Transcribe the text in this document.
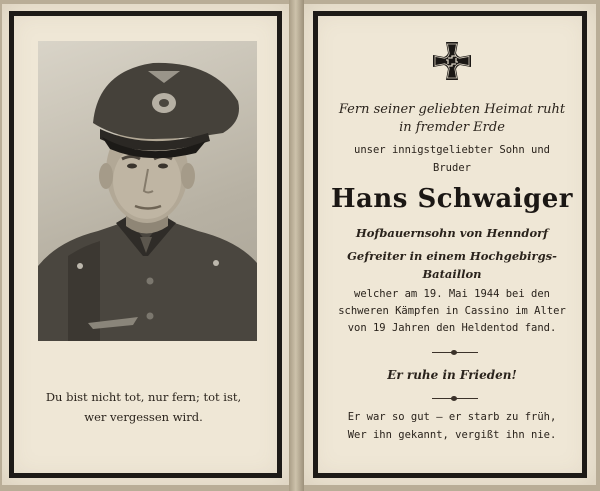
Du bist nicht tot, nur fern; tot ist,
wer vergessen wird.
Fern seiner geliebten Heimat ruht
in fremder Erde
unser innigstgeliebter Sohn und
Bruder
Hans Schwaiger
Hofbauernsohn von Henndorf
Gefreiter in einem Hochgebirgs-
Bataillon
welcher am 19. Mai 1944 bei den
schweren Kämpfen in Cassino im Alter
von 19 Jahren den Heldentod fand.
Er ruhe in Frieden!
Er war so gut — er starb zu früh,
Wer ihn gekannt, vergißt ihn nie.
